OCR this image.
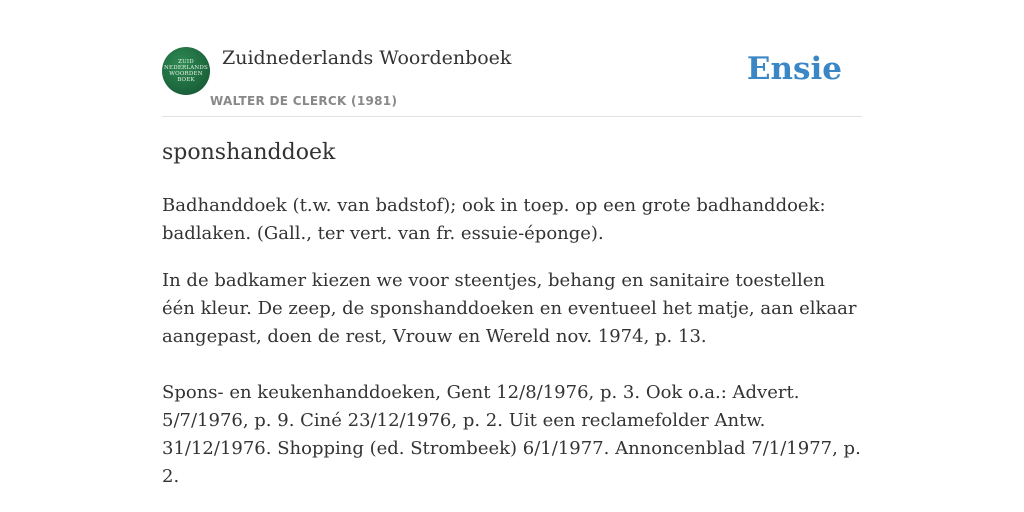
ZUID
NEDERLANDS
WOORDEN
BOEK
Zuidnederlands Woordenboek
WALTER DE CLERCK (1981)
Ensie
sponshanddoek

Badhanddoek (t.w. van badstof); ook in toep. op een grote badhanddoek: badlaken. (Gall., ter vert. van fr. essuie-éponge).

In de badkamer kiezen we voor steentjes, behang en sanitaire toestellen één kleur. De zeep, de sponshanddoeken en eventueel het matje, aan elkaar aangepast, doen de rest, Vrouw en Wereld nov. 1974, p. 13.

Spons- en keukenhanddoeken, Gent 12/8/1976, p. 3. Ook o.a.: Advert. 5/7/1976, p. 9. Ciné 23/12/1976, p. 2. Uit een reclamefolder Antw. 31/12/1976. Shopping (ed. Strombeek) 6/1/1977. Annoncenblad 7/1/1977, p. 2.
